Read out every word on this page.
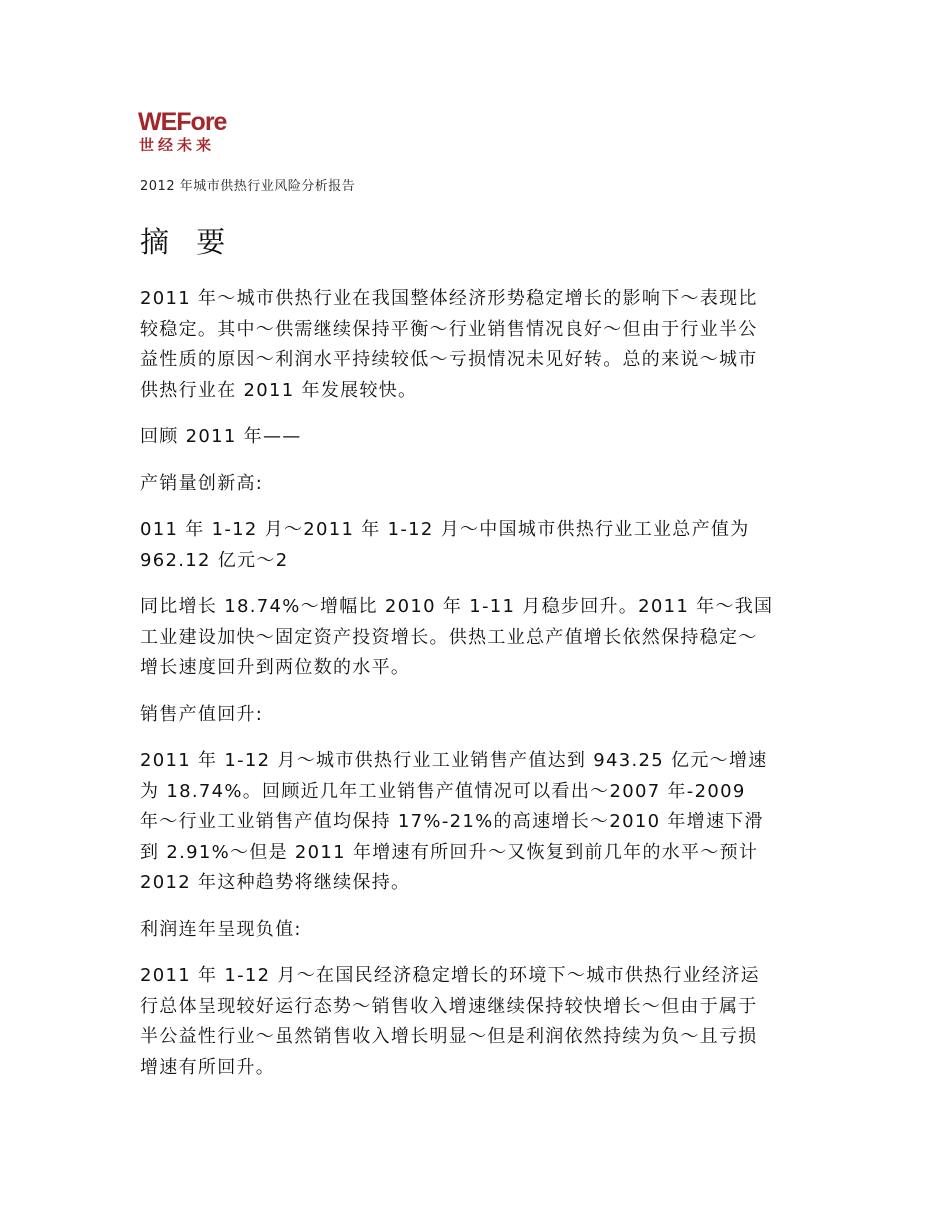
WEFore
世经未来
2012 年城市供热行业风险分析报告
摘 要

2011 年～城市供热行业在我国整体经济形势稳定增长的影响下～表现比
较稳定。其中～供需继续保持平衡～行业销售情况良好～但由于行业半公
益性质的原因～利润水平持续较低～亏损情况未见好转。总的来说～城市
供热行业在 2011 年发展较快。

回顾 2011 年——

产销量创新高:

011 年 1-12 月～2011 年 1-12 月～中国城市供热行业工业总产值为
962.12 亿元～2

同比增长 18.74%～增幅比 2010 年 1-11 月稳步回升。2011 年～我国
工业建设加快～固定资产投资增长。供热工业总产值增长依然保持稳定～
增长速度回升到两位数的水平。

销售产值回升:

2011 年 1-12 月～城市供热行业工业销售产值达到 943.25 亿元～增速
为 18.74%。回顾近几年工业销售产值情况可以看出～2007 年-2009
年～行业工业销售产值均保持 17%-21%的高速增长～2010 年增速下滑
到 2.91%～但是 2011 年增速有所回升～又恢复到前几年的水平～预计
2012 年这种趋势将继续保持。

利润连年呈现负值:

2011 年 1-12 月～在国民经济稳定增长的环境下～城市供热行业经济运
行总体呈现较好运行态势～销售收入增速继续保持较快增长～但由于属于
半公益性行业～虽然销售收入增长明显～但是利润依然持续为负～且亏损
增速有所回升。
